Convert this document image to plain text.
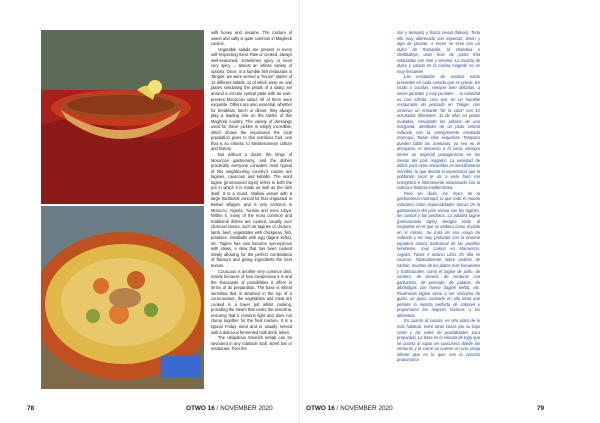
with honey and sesame. The mixture of sweet and salty is quite common in Maghreb cuisine.

Vegetable salads are present in every self-respecting meal. Raw or cooked, always well-seasoned, sometimes spicy or even very spicy ... almost an infinite variety of options. Once, in a humble fish restaurant in Tangier, we were served a "house" starter of 12 different salads, 11 of which were on oval plates simulating the petals of a daisy, set around a circular central plate with an ever-present Moroccan salad. All of them were exquisite. Others are also essential, whether for breakfast, lunch or dinner, they always play a leading role on the tables of this Maghreb country. The variety of dressings used for these pickles is simply incredible, which shows the importance the local population gives to this nutritious fruit, one that is so intrinsic to Mediterranean culture and history.

But without a doubt, the kings of Moroccan gastronomy, and the dishes practically everyone considers most typical of this neighbouring country's cuisine are tagines, couscous and kebabs. The word tagine (pronounced tayin) refers to both the pot in which it is made as well as the dish itself. It is a round, shallow vessel with a large traditional conical lid that originated in Berber villages, and is very common in Morocco, Algeria, Tunisia and even Libya. Within it, many of the most common and traditional dishes are cooked, usually over charcoal stoves, such as tagines of chicken, lamb, beef, vegetables with chickpeas, fish, potatoes, meatballs with egg (tagine kefta), etc. Tagine has now become synonymous with stews, a stew that has been cooked slowly allowing for the perfect combination of flavours and giving ingredients the best texture.

Couscous is another very common dish, mainly because of how inexpensive it is and the thousands of possibilities it offers in terms of its preparation. The base is wheat semolina that is steamed in the top of a couscoussier, the vegetables and meat are cooked in a lower pot whilst cooking, providing the steam that cooks the semolina, ensuring that it remains light and does not clump together for the final mixture. It is a typical Friday meal and is usually served with a delicious fermented milk drink, leben.

The ubiquitous Moorish kebab can be savoured in any roadside stall, street bar or restaurant, from the

78	OTWO 16 / NOVEMBER 2020

zos y lentejas) y hasta cereal (fideos). Todo ello muy aderezado con especias, limón y algo de picante. A veces se sirve con un dulce de Ramadán, la chebakia o chebbakiya, unas tiras de pasta frita rebozadas con miel y sésamo. La mezcla de dulce y salado en la cocina magrebí no es muy frecuente.

Las ensaladas de verdura están presentes en cada comida que se precie. En crudo o cocidas, siempre bien aliñadas, a veces picantes y muy picantes ... la variedad es casi infinita. Una vez, en un humilde restaurante de pescado en Tánger, nos sirvieron un entrante "de la casa" con 12 ensaladas diferentes, 11 de ellas en platos ovalados, simulando los pétalos de una margarita, alrededor de un plato central redondo con la omnipresente ensalada marroquí. Todas ellas exquisitas. Tampoco pueden faltar las aceitunas, ya sea en el desayuno, el almuerzo o la cena, siempre tienen un especial protagonismo en las mesas del país magrebí. La variedad de aliños para estos encurtidos es sencillamente increíble, lo que denota la importancia que la población local le da a este fruto tan energético e íntimamente relacionado con la cultura e historia mediterránea.

Pero sin duda, los reyes de la gastronomía marroquí, lo que todo el mundo relaciona como especialidades típicas de la gastronomía del país vecino son los tagines, los cuscús y los pinchitos. La palabra tagine (pronunciada tayín) designa tanto al recipiente en el que se elabora como al plato en sí mismo. Se trata de una vasija de redonda y no muy profunda con la enorme tapadera cónica tradicional de los pueblos bereberes, muy común en Marruecos, Argelia, Túnez e incluso Libia. En ella se cocinan, habitualmente sobre anafres de carbón, muchos de los platos más frecuentes y tradicionales, como el tagine de pollo, de cordero, de ternera, de verduras con garbanzos, de pescado, de patatas, de albóndigas con huevo (tagine kefta), etc. Realmente tagine viene a ser sinónimo de guiso, un guiso cocinado en olla lenta que permite la mezcla perfecta de sabores y proporciona las mejores texturas a los alimentos.

En cuanto al cuscús, es otro plato de lo más habitual, entre otras cosas por su bajo coste y las miles de posibilidades para prepararlo. La base es la sémola de trigo que se cocina al vapor en cuscusera donde las verduras y la carne se cuecen en una vasija inferior que es la que, con la cocción proporciona

OTWO 16 / NOVEMBER 2020	79
